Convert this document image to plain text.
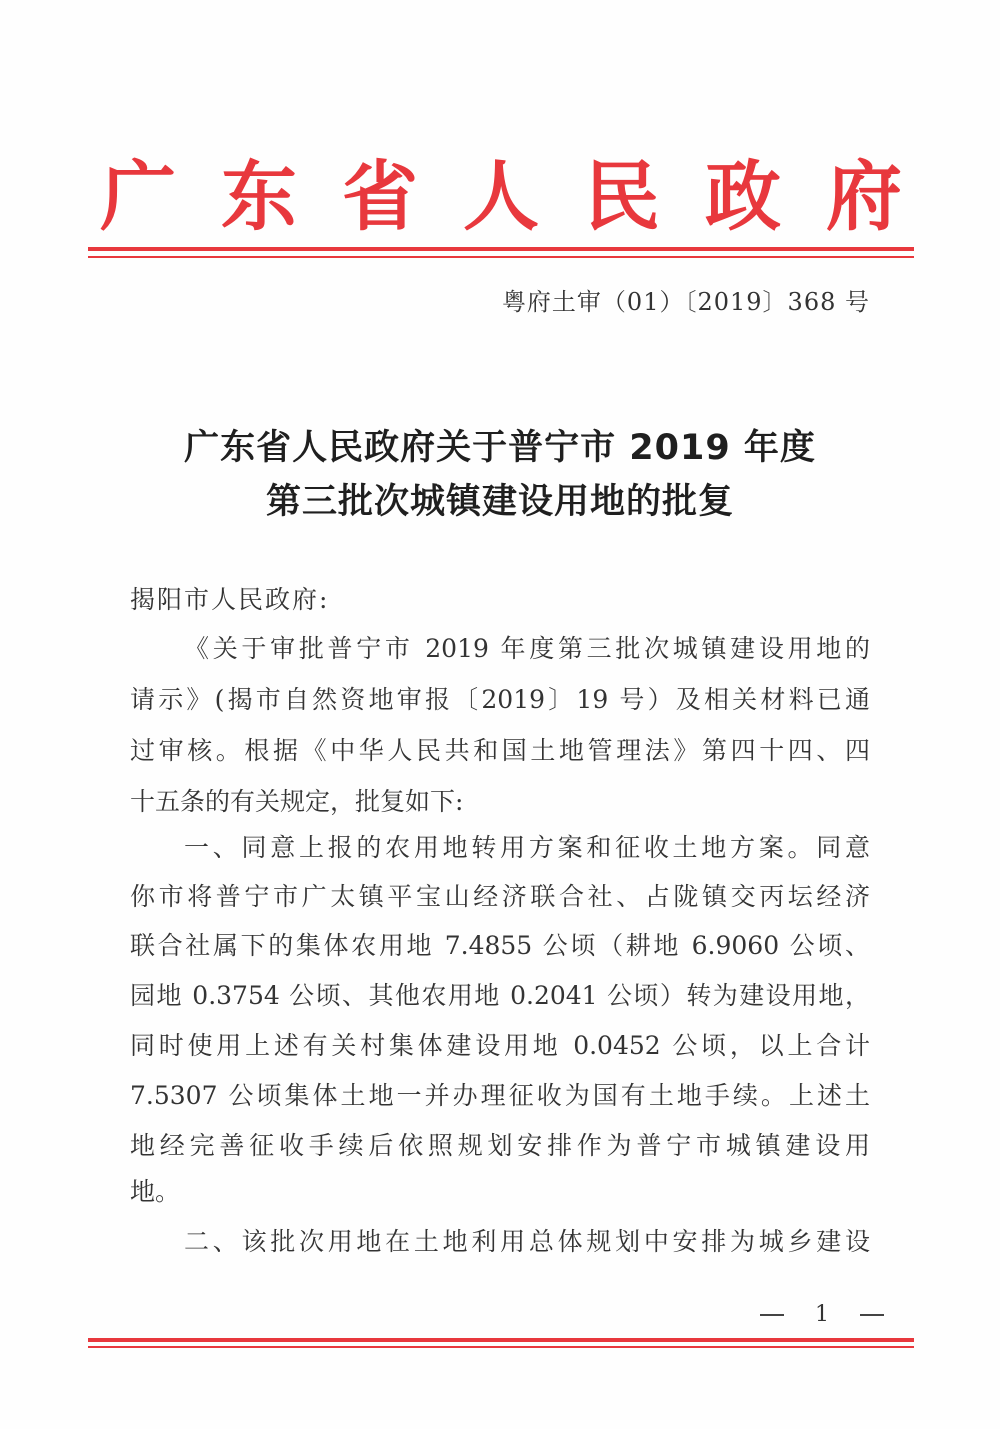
广 东 省 人 民 政 府
粤府土审（01）〔2019〕368 号
广东省人民政府关于普宁市 2019 年度
第三批次城镇建设用地的批复
揭阳市人民政府:
《关于审批普宁市 2019 年度第三批次城镇建设用地的
请示》(揭市自然资地审报〔2019〕19 号）及相关材料已通
过审核。根据《中华人民共和国土地管理法》第四十四、四
十五条的有关规定，批复如下:
一、同意上报的农用地转用方案和征收土地方案。同意
你市将普宁市广太镇平宝山经济联合社、占陇镇交丙坛经济
联合社属下的集体农用地 7.4855 公顷（耕地 6.9060 公顷、
园地 0.3754 公顷、其他农用地 0.2041 公顷）转为建设用地，
同时使用上述有关村集体建设用地 0.0452 公顷，以上合计
7.5307 公顷集体土地一并办理征收为国有土地手续。上述土
地经完善征收手续后依照规划安排作为普宁市城镇建设用
地。
二、该批次用地在土地利用总体规划中安排为城乡建设
1
